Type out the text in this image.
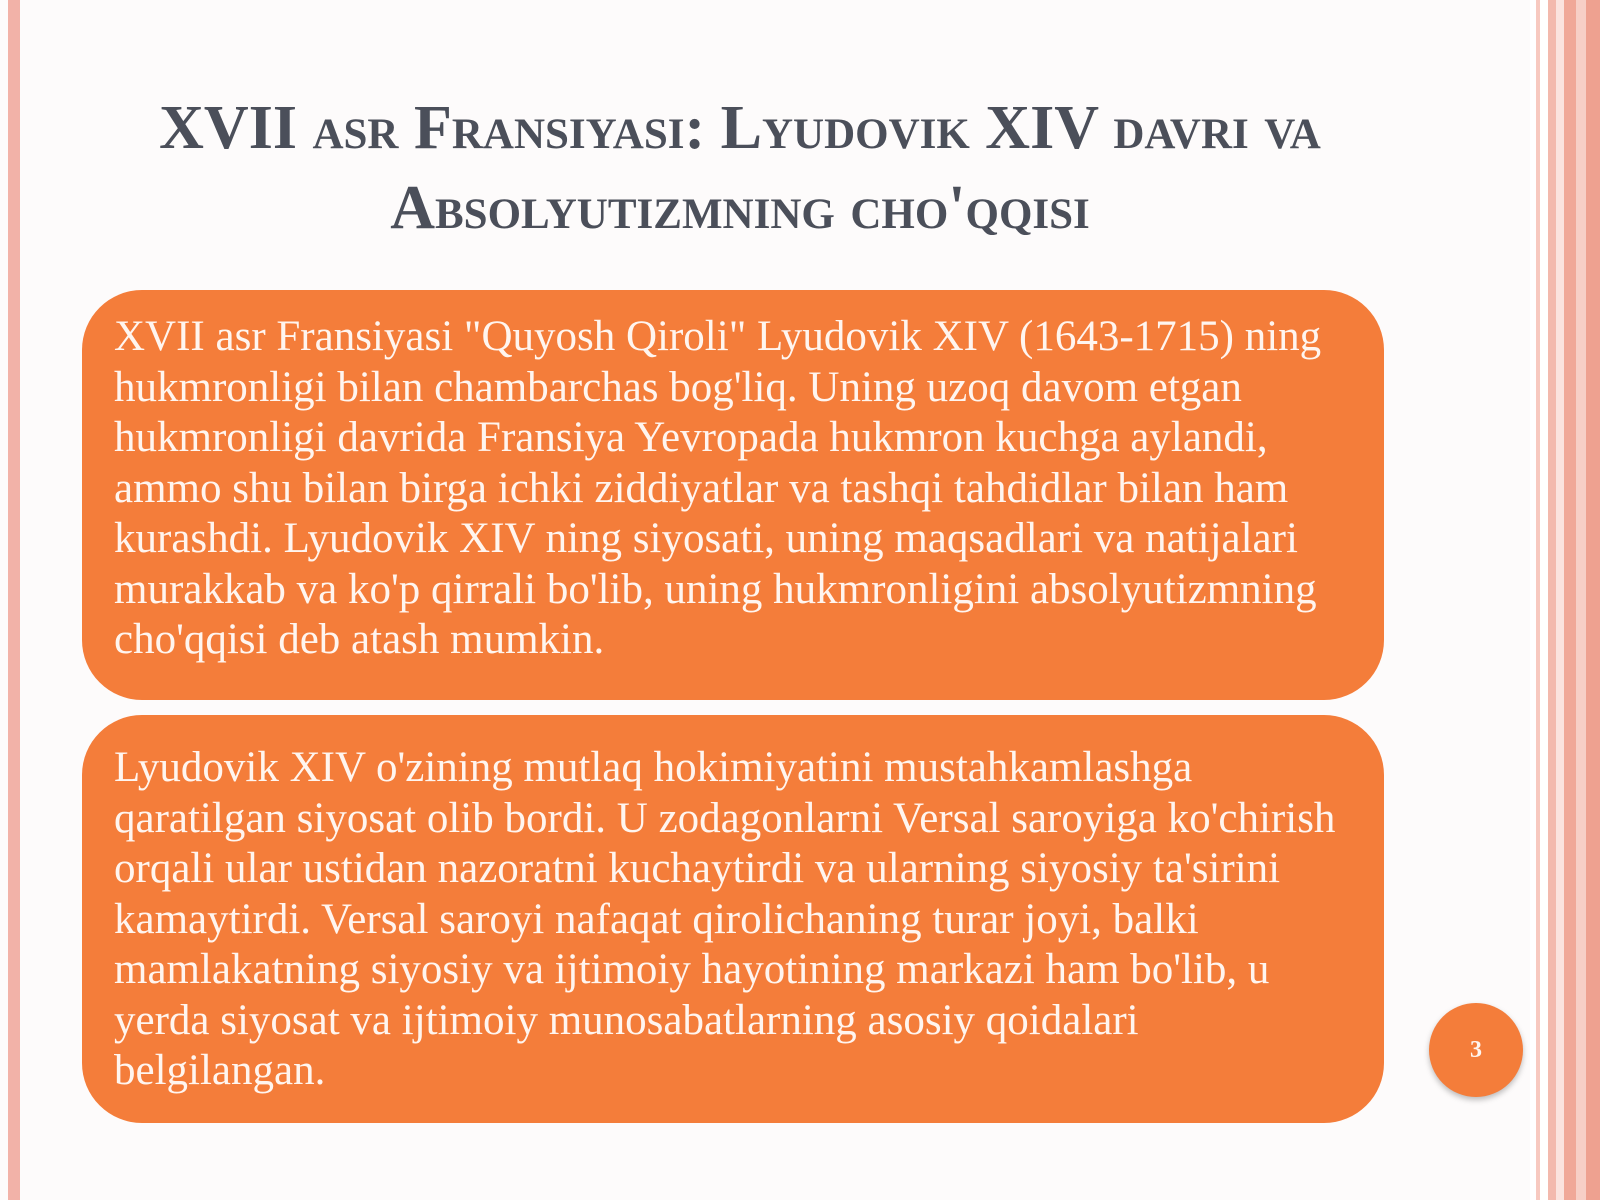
XVII asr Fransiyasi: Lyudovik XIV davri va Absolyutizmning cho'qqisi

XVII asr Fransiyasi "Quyosh Qiroli" Lyudovik XIV (1643-1715) ning hukmronligi bilan chambarchas bog'liq. Uning uzoq davom etgan hukmronligi davrida Fransiya Yevropada hukmron kuchga aylandi, ammo shu bilan birga ichki ziddiyatlar va tashqi tahdidlar bilan ham kurashdi. Lyudovik XIV ning siyosati, uning maqsadlari va natijalari murakkab va ko'p qirrali bo'lib, uning hukmronligini absolyutizmning cho'qqisi deb atash mumkin.

Lyudovik XIV o'zining mutlaq hokimiyatini mustahkamlashga qaratilgan siyosat olib bordi. U zodagonlarni Versal saroyiga ko'chirish orqali ular ustidan nazoratni kuchaytirdi va ularning siyosiy ta'sirini kamaytirdi. Versal saroyi nafaqat qirolichaning turar joyi, balki mamlakatning siyosiy va ijtimoiy hayotining markazi ham bo'lib, u yerda siyosat va ijtimoiy munosabatlarning asosiy qoidalari belgilangan.	3
